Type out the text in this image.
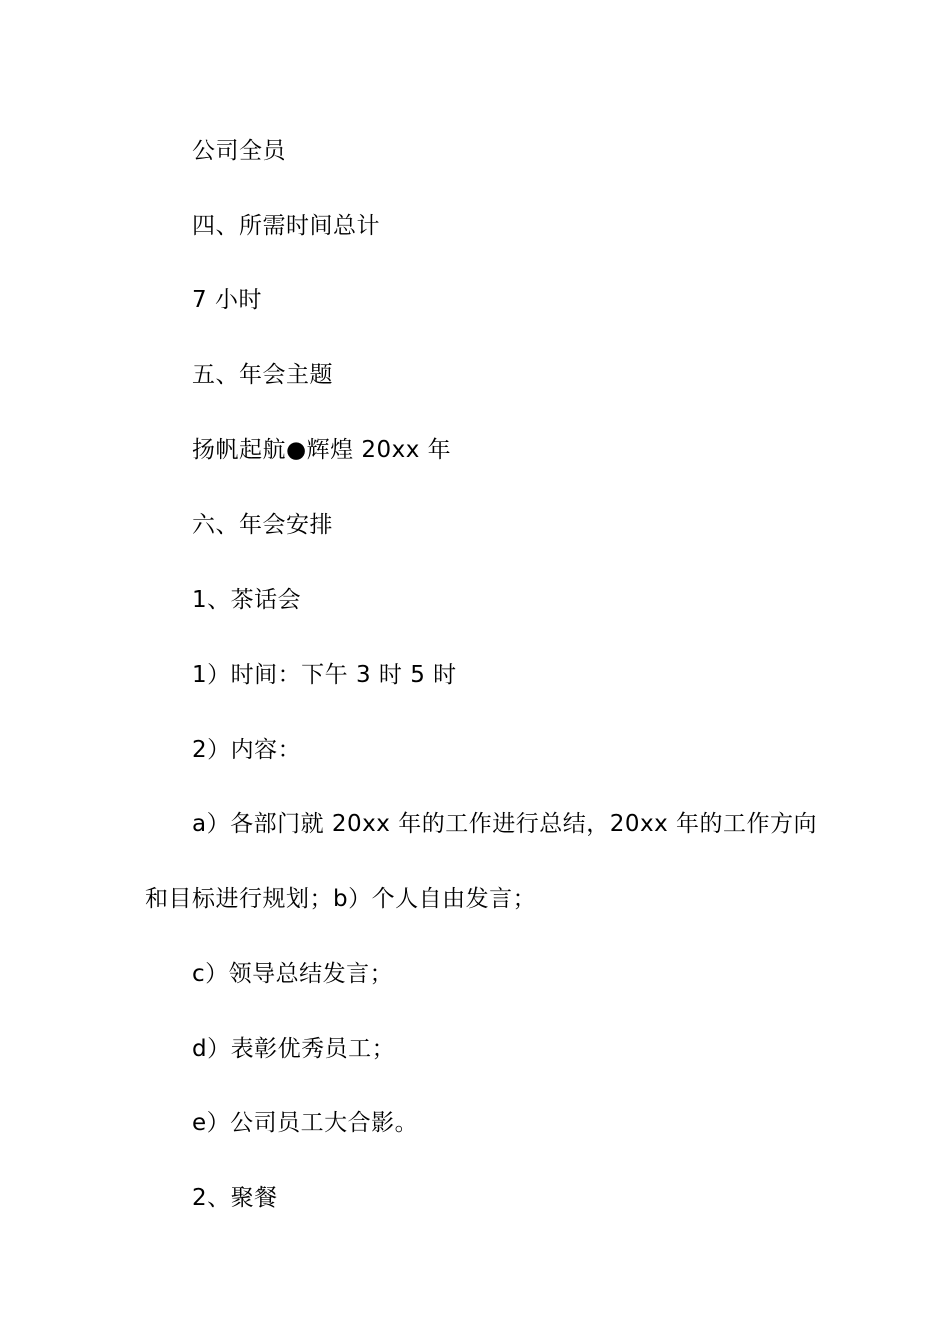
公司全员

四、所需时间总计

7 小时

五、年会主题

扬帆起航●辉煌 20xx 年

六、年会安排

1、茶话会

1）时间：下午 3 时 5 时

2）内容：

a）各部门就 20xx 年的工作进行总结，20xx 年的工作方向

和目标进行规划；b）个人自由发言；

c）领导总结发言；

d）表彰优秀员工；

e）公司员工大合影。

2、聚餐
